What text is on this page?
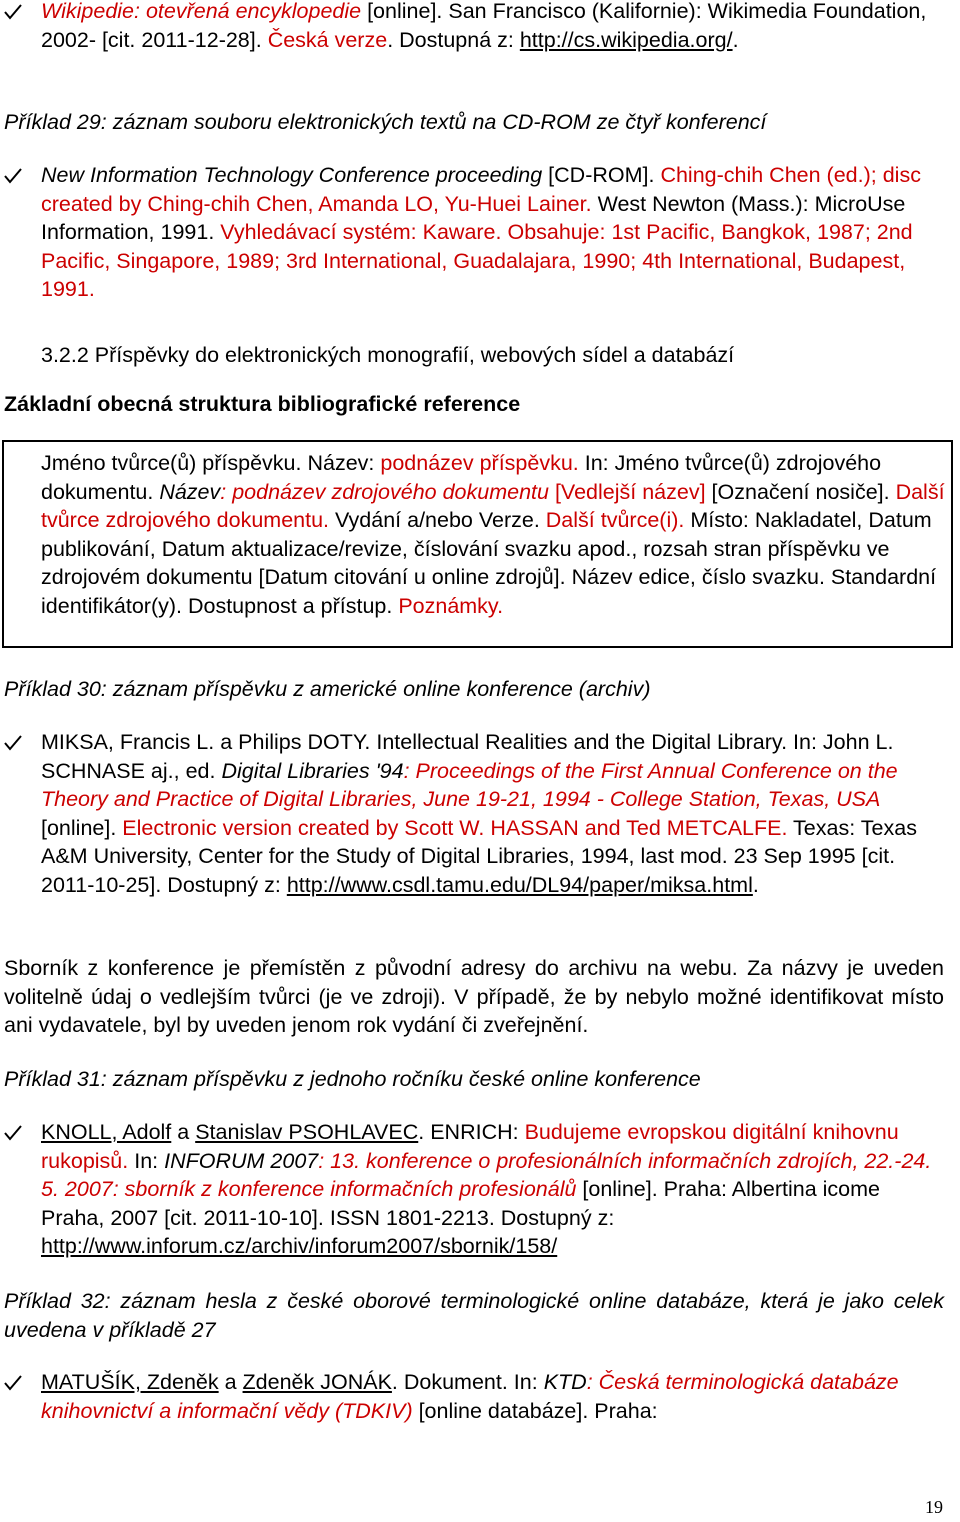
Wikipedie: otevřená encyklopedie [online]. San Francisco (Kalifornie): Wikimedia Foundation, 2002- [cit. 2011-12-28]. Česká verze. Dostupná z: http://cs.wikipedia.org/.
Příklad 29: záznam souboru elektronických textů na CD-ROM ze čtyř konferencí
New Information Technology Conference proceeding [CD-ROM]. Ching-chih Chen (ed.); disc created by Ching-chih Chen, Amanda LO, Yu-Huei Lainer. West Newton (Mass.): MicroUse Information, 1991. Vyhledávací systém: Kaware. Obsahuje: 1st Pacific, Bangkok, 1987; 2nd Pacific, Singapore, 1989; 3rd International, Guadalajara, 1990; 4th International, Budapest, 1991.
3.2.2 Příspěvky do elektronických monografií, webových sídel a databází
Základní obecná struktura bibliografické reference
Jméno tvůrce(ů) příspěvku. Název: podnázev příspěvku. In: Jméno tvůrce(ů) zdrojového dokumentu. Název: podnázev zdrojového dokumentu [Vedlejší název] [Označení nosiče]. Další tvůrce zdrojového dokumentu. Vydání a/nebo Verze. Další tvůrce(i). Místo: Nakladatel, Datum publikování, Datum aktualizace/revize, číslování svazku apod., rozsah stran příspěvku ve zdrojovém dokumentu [Datum citování u online zdrojů]. Název edice, číslo svazku. Standardní identifikátor(y). Dostupnost a přístup. Poznámky.
Příklad 30: záznam příspěvku z americké online konference (archiv)
MIKSA, Francis L. a Philips DOTY. Intellectual Realities and the Digital Library. In: John L. SCHNASE aj., ed. Digital Libraries '94: Proceedings of the First Annual Conference on the Theory and Practice of Digital Libraries, June 19-21, 1994 - College Station, Texas, USA [online]. Electronic version created by Scott W. HASSAN and Ted METCALFE. Texas: Texas A&M University, Center for the Study of Digital Libraries, 1994, last mod. 23 Sep 1995 [cit. 2011-10-25]. Dostupný z: http://www.csdl.tamu.edu/DL94/paper/miksa.html.
Sborník z konference je přemístěn z původní adresy do archivu na webu. Za názvy je uveden volitelně údaj o vedlejším tvůrci (je ve zdroji). V případě, že by nebylo možné identifikovat místo ani vydavatele, byl by uveden jenom rok vydání či zveřejnění.
Příklad 31: záznam příspěvku z jednoho ročníku české online konference
KNOLL, Adolf a Stanislav PSOHLAVEC. ENRICH: Budujeme evropskou digitální knihovnu rukopisů. In: INFORUM 2007: 13. konference o profesionálních informačních zdrojích, 22.-24. 5. 2007: sborník z konference informačních profesionálů [online]. Praha: Albertina icome Praha, 2007 [cit. 2011-10-10]. ISSN 1801-2213. Dostupný z: http://www.inforum.cz/archiv/inforum2007/sbornik/158/
Příklad 32: záznam hesla z české oborové terminologické online databáze, která je jako celek uvedena v příkladě 27
MATUŠÍK, Zdeněk a Zdeněk JONÁK. Dokument. In: KTD: Česká terminologická databáze knihovnictví a informační vědy (TDKIV) [online databáze]. Praha:
19
